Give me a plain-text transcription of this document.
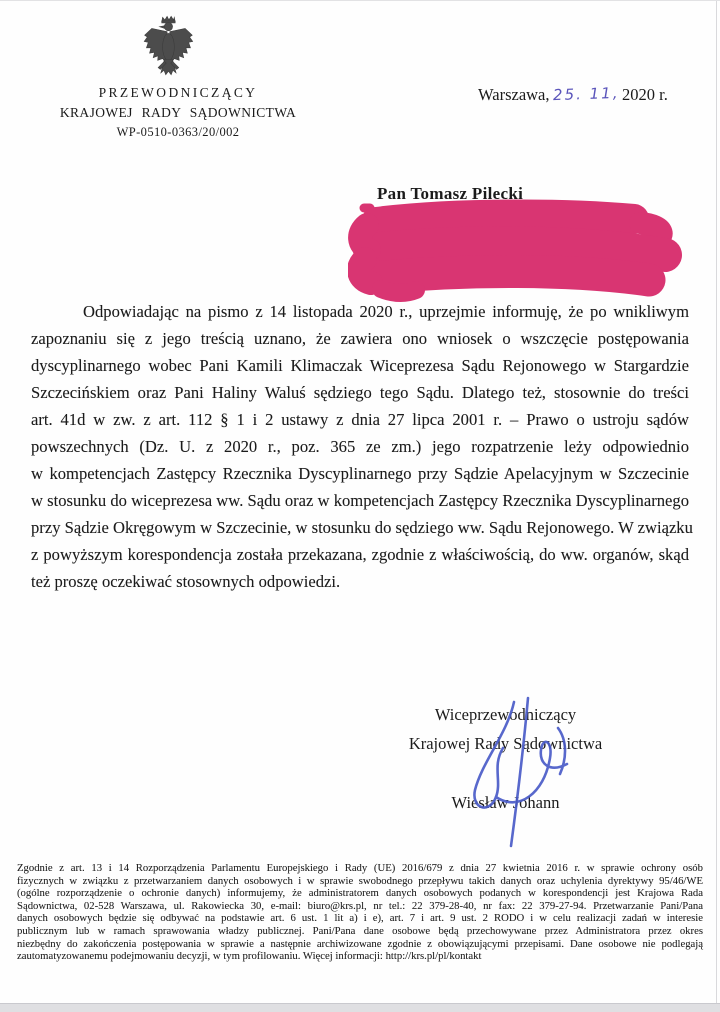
PRZEWODNICZĄCY
KRAJOWEJ RADY SĄDOWNICTWA
WP-0510-0363/20/002
Warszawa, 25. 11, 2020 r.
Pan Tomasz Pilecki
Odpowiadając na pismo z 14 listopada 2020 r., uprzejmie informuję, że po wnikliwym
zapoznaniu się z jego treścią uznano, że zawiera ono wniosek o wszczęcie postępowania
dyscyplinarnego wobec Pani Kamili Klimaczak Wiceprezesa Sądu Rejonowego w Stargardzie
Szczecińskiem oraz Pani Haliny Waluś sędziego tego Sądu. Dlatego też, stosownie do treści
art. 41d w zw. z art. 112 § 1 i 2 ustawy z dnia 27 lipca 2001 r. – Prawo o ustroju sądów
powszechnych (Dz. U. z 2020 r., poz. 365 ze zm.) jego rozpatrzenie leży odpowiednio
w kompetencjach Zastępcy Rzecznika Dyscyplinarnego przy Sądzie Apelacyjnym w Szczecinie
w stosunku do wiceprezesa ww. Sądu oraz w kompetencjach Zastępcy Rzecznika Dyscyplinarnego
przy Sądzie Okręgowym w Szczecinie, w stosunku do sędziego ww. Sądu Rejonowego. W związku
z powyższym korespondencja została przekazana, zgodnie z właściwością, do ww. organów, skąd
też proszę oczekiwać stosownych odpowiedzi.
Wiceprzewodniczący
Krajowej Rady Sądownictwa
Wiesław Johann
Zgodnie z art. 13 i 14 Rozporządzenia Parlamentu Europejskiego i Rady (UE) 2016/679 z dnia 27 kwietnia 2016 r. w sprawie ochrony osób
fizycznych w związku z przetwarzaniem danych osobowych i w sprawie swobodnego przepływu takich danych oraz uchylenia dyrektywy 95/46/WE
(ogólne rozporządzenie o ochronie danych) informujemy, że administratorem danych osobowych podanych w korespondencji jest Krajowa Rada
Sądownictwa, 02-528 Warszawa, ul. Rakowiecka 30, e-mail: biuro@krs.pl, nr tel.: 22 379-28-40, nr fax: 22 379-27-94. Przetwarzanie Pani/Pana
danych osobowych będzie się odbywać na podstawie art. 6 ust. 1 lit a) i e), art. 7 i art. 9 ust. 2 RODO i w celu realizacji zadań w interesie
publicznym lub w ramach sprawowania władzy publicznej. Pani/Pana dane osobowe będą przechowywane przez Administratora przez okres
niezbędny do zakończenia postępowania w sprawie a następnie archiwizowane zgodnie z obowiązującymi przepisami. Dane osobowe nie podlegają
zautomatyzowanemu podejmowaniu decyzji, w tym profilowaniu. Więcej informacji: http://krs.pl/pl/kontakt
